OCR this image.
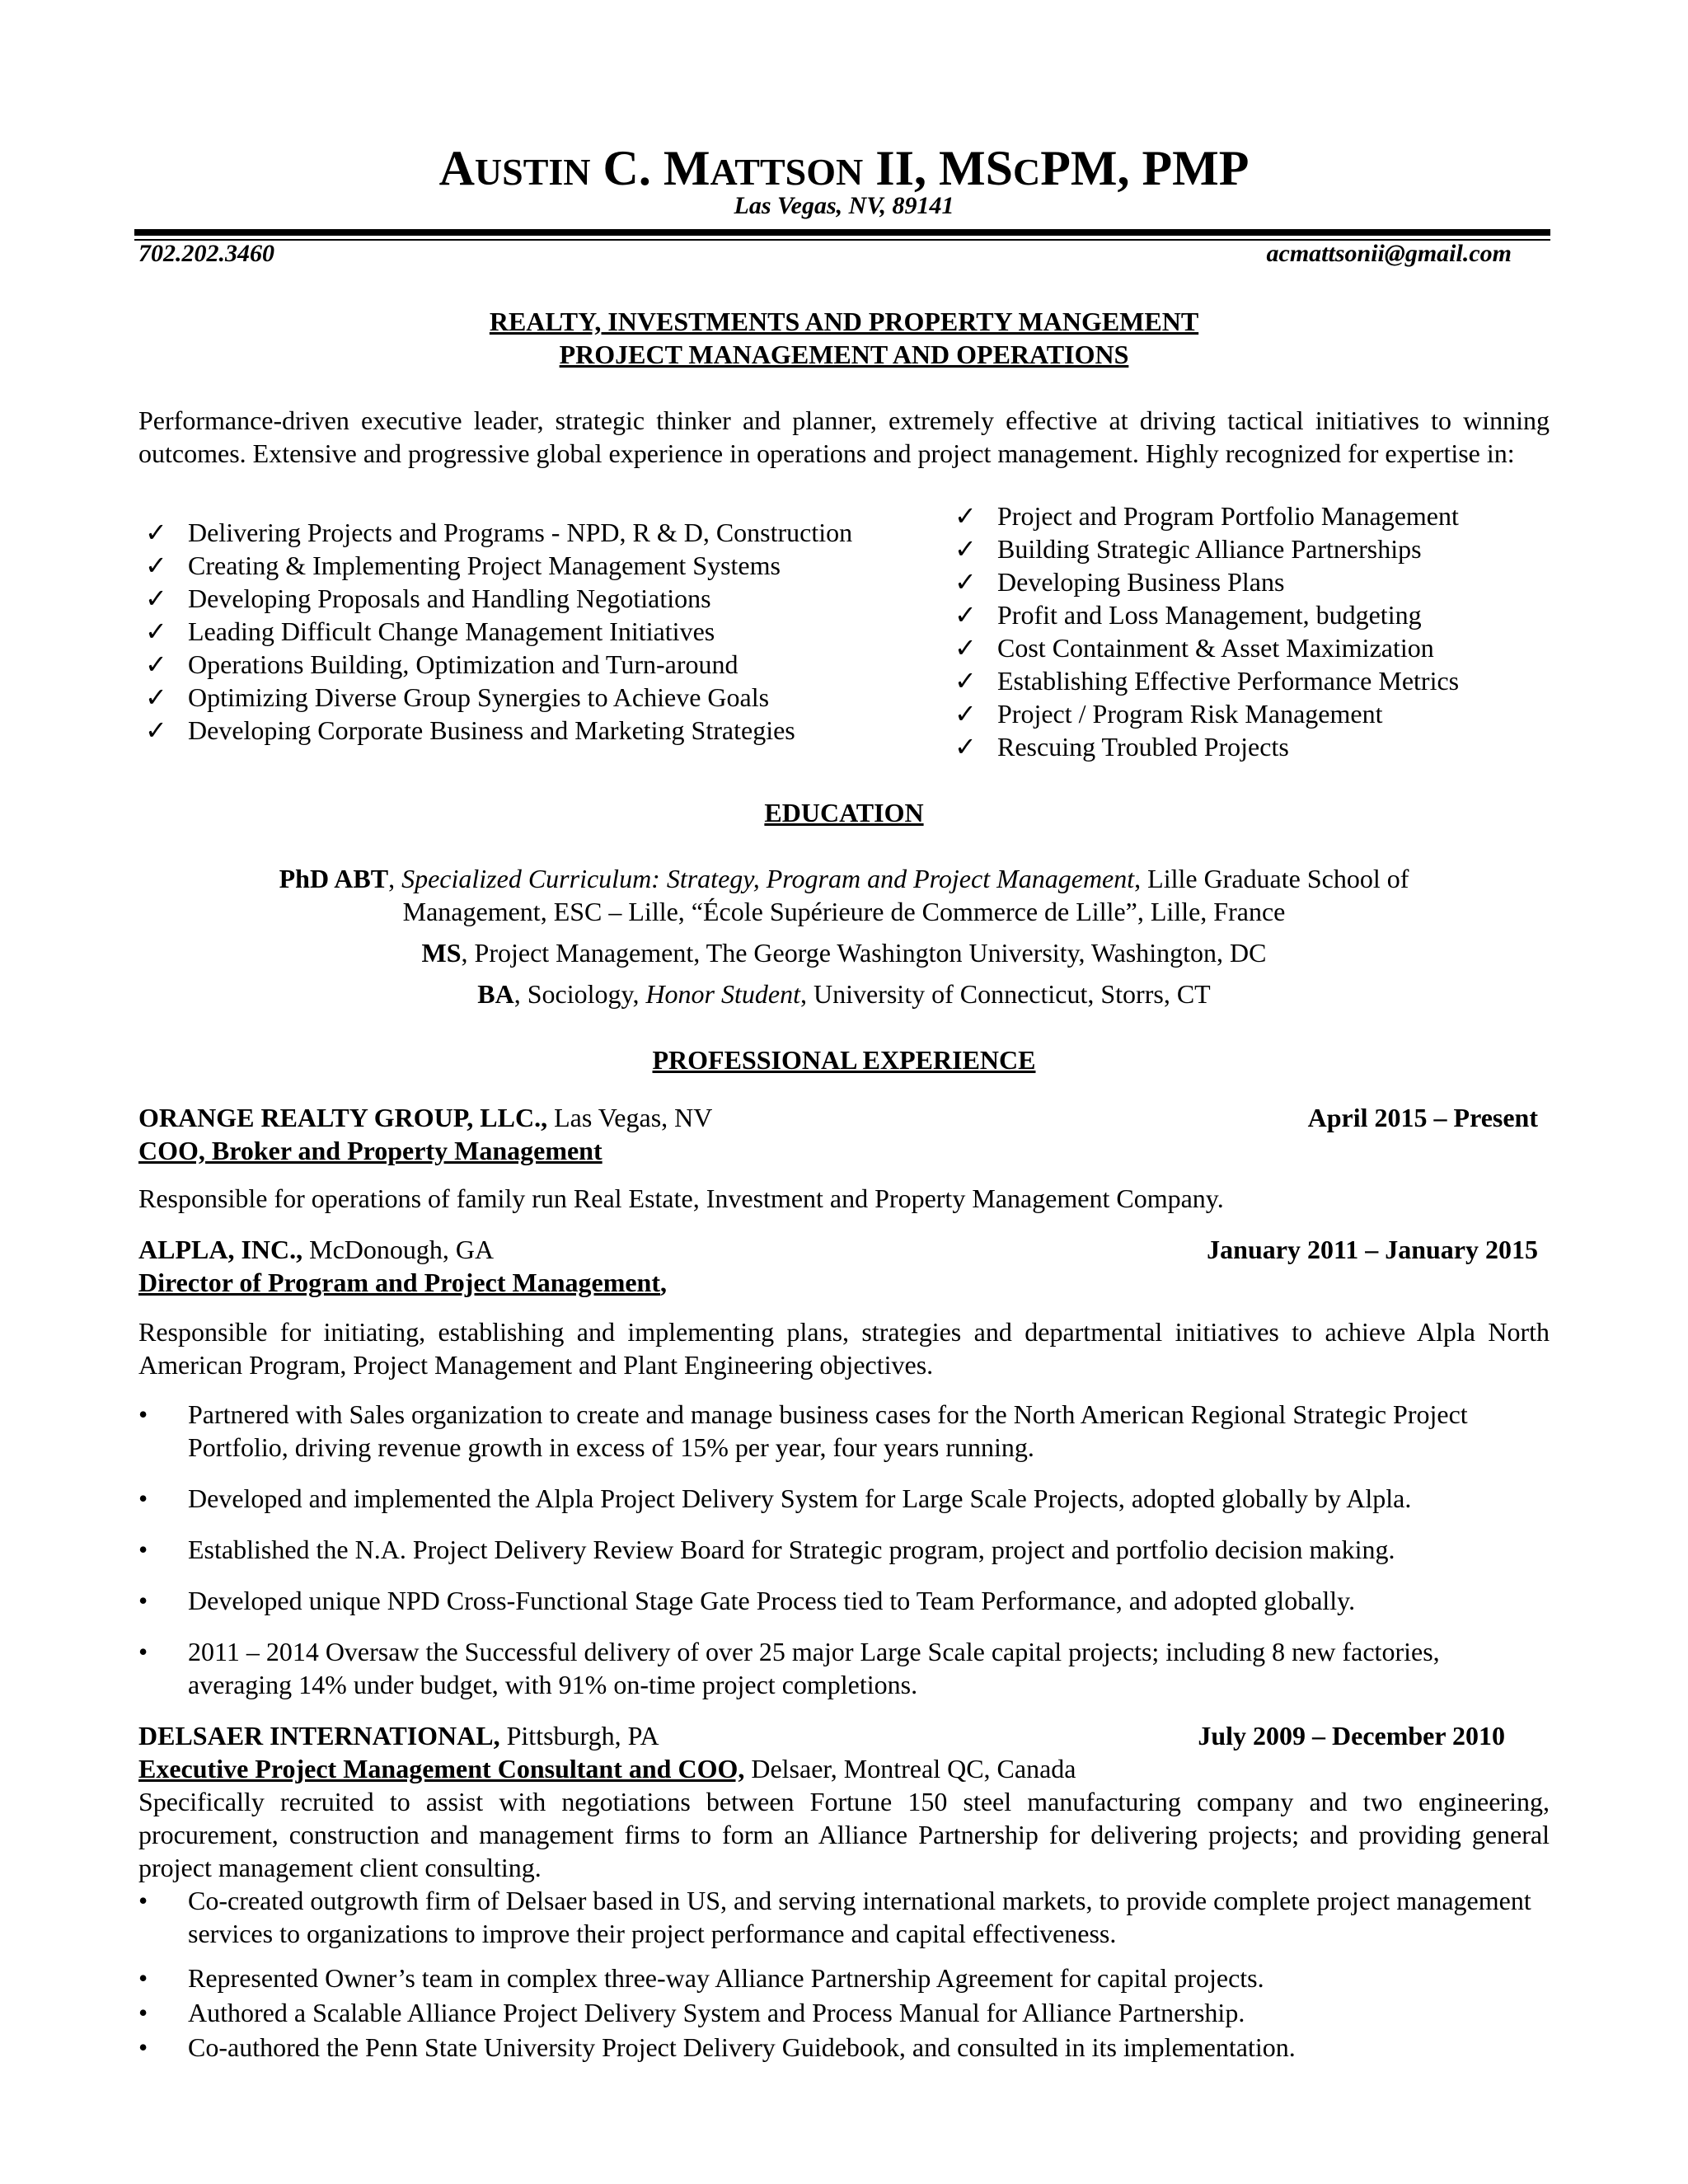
AUSTIN C. MATTSON II, MSCPM, PMP
Las Vegas, NV, 89141
702.202.3460	acmattsonii@gmail.com
REALTY, INVESTMENTS AND PROPERTY MANGEMENT
PROJECT MANAGEMENT AND OPERATIONS
Performance-driven executive leader, strategic thinker and planner, extremely effective at driving tactical initiatives to winning outcomes. Extensive and progressive global experience in operations and project management. Highly recognized for expertise in:
✓ Delivering Projects and Programs - NPD, R & D, Construction
✓ Creating & Implementing Project Management Systems
✓ Developing Proposals and Handling Negotiations
✓ Leading Difficult Change Management Initiatives
✓ Operations Building, Optimization and Turn-around
✓ Optimizing Diverse Group Synergies to Achieve Goals
✓ Developing Corporate Business and Marketing Strategies
✓ Project and Program Portfolio Management
✓ Building Strategic Alliance Partnerships
✓ Developing Business Plans
✓ Profit and Loss Management, budgeting
✓ Cost Containment & Asset Maximization
✓ Establishing Effective Performance Metrics
✓ Project / Program Risk Management
✓ Rescuing Troubled Projects
EDUCATION
PhD ABT, Specialized Curriculum: Strategy, Program and Project Management, Lille Graduate School of
Management, ESC – Lille, “École Supérieure de Commerce de Lille”, Lille, France
MS, Project Management, The George Washington University, Washington, DC
BA, Sociology, Honor Student, University of Connecticut, Storrs, CT
PROFESSIONAL EXPERIENCE
ORANGE REALTY GROUP, LLC., Las Vegas, NV	April 2015 – Present
COO, Broker and Property Management
Responsible for operations of family run Real Estate, Investment and Property Management Company.
ALPLA, INC., McDonough, GA	January 2011 – January 2015
Director of Program and Project Management,
Responsible for initiating, establishing and implementing plans, strategies and departmental initiatives to achieve Alpla North American Program, Project Management and Plant Engineering objectives.
•	Partnered with Sales organization to create and manage business cases for the North American Regional Strategic Project Portfolio, driving revenue growth in excess of 15% per year, four years running.
•	Developed and implemented the Alpla Project Delivery System for Large Scale Projects, adopted globally by Alpla.
•	Established the N.A. Project Delivery Review Board for Strategic program, project and portfolio decision making.
•	Developed unique NPD Cross-Functional Stage Gate Process tied to Team Performance, and adopted globally.
•	2011 – 2014 Oversaw the Successful delivery of over 25 major Large Scale capital projects; including 8 new factories, averaging 14% under budget, with 91% on-time project completions.
DELSAER INTERNATIONAL, Pittsburgh, PA	July 2009 – December 2010
Executive Project Management Consultant and COO, Delsaer, Montreal QC, Canada
Specifically recruited to assist with negotiations between Fortune 150 steel manufacturing company and two engineering, procurement, construction and management firms to form an Alliance Partnership for delivering projects; and providing general project management client consulting.
•	Co-created outgrowth firm of Delsaer based in US, and serving international markets, to provide complete project management services to organizations to improve their project performance and capital effectiveness.
•	Represented Owner’s team in complex three-way Alliance Partnership Agreement for capital projects.
•	Authored a Scalable Alliance Project Delivery System and Process Manual for Alliance Partnership.
•	Co-authored the Penn State University Project Delivery Guidebook, and consulted in its implementation.
